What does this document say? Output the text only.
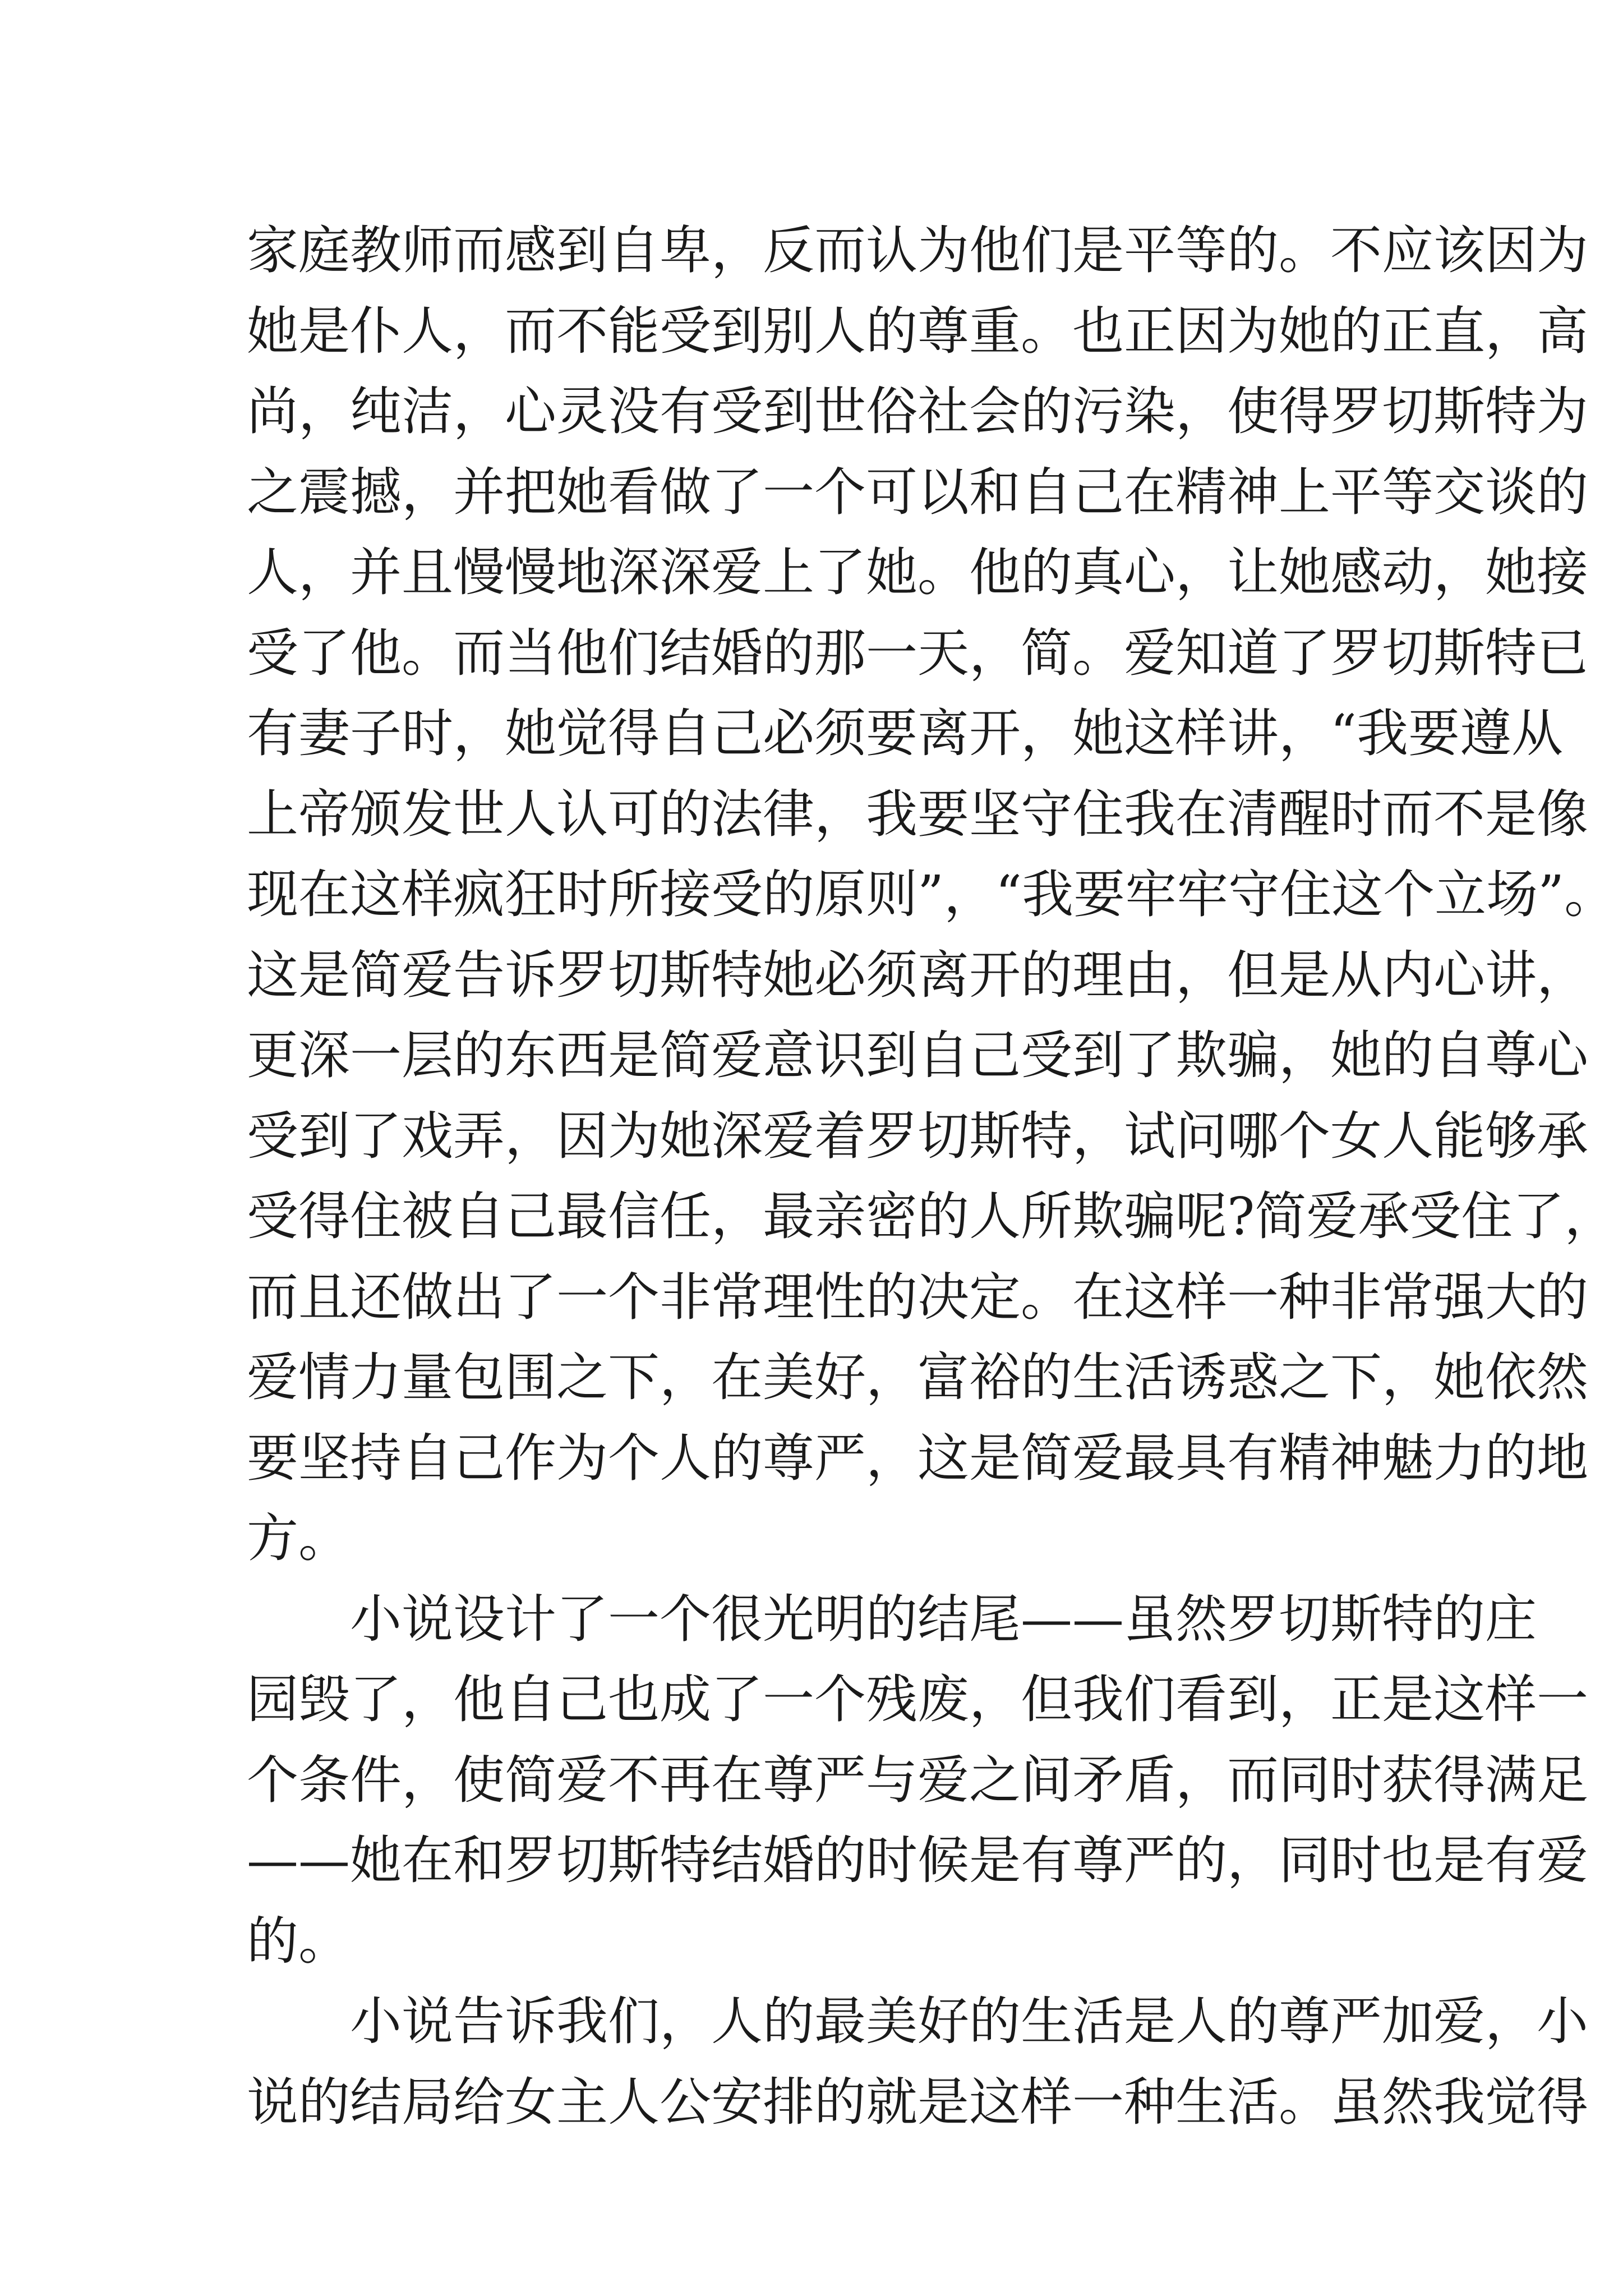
家庭教师而感到自卑，反而认为他们是平等的。不应该因为
她是仆人，而不能受到别人的尊重。也正因为她的正直，高
尚，纯洁，心灵没有受到世俗社会的污染，使得罗切斯特为
之震撼，并把她看做了一个可以和自己在精神上平等交谈的
人，并且慢慢地深深爱上了她。他的真心，让她感动，她接
受了他。而当他们结婚的那一天，简。爱知道了罗切斯特已
有妻子时，她觉得自己必须要离开，她这样讲，“我要遵从
上帝颁发世人认可的法律，我要坚守住我在清醒时而不是像
现在这样疯狂时所接受的原则”，“我要牢牢守住这个立场”。
这是简爱告诉罗切斯特她必须离开的理由，但是从内心讲，
更深一层的东西是简爱意识到自己受到了欺骗，她的自尊心
受到了戏弄，因为她深爱着罗切斯特，试问哪个女人能够承
受得住被自己最信任，最亲密的人所欺骗呢?简爱承受住了，
而且还做出了一个非常理性的决定。在这样一种非常强大的
爱情力量包围之下，在美好，富裕的生活诱惑之下，她依然
要坚持自己作为个人的尊严，这是简爱最具有精神魅力的地
方。
小说设计了一个很光明的结尾——虽然罗切斯特的庄
园毁了，他自己也成了一个残废，但我们看到，正是这样一
个条件，使简爱不再在尊严与爱之间矛盾，而同时获得满足
——她在和罗切斯特结婚的时候是有尊严的，同时也是有爱
的。
小说告诉我们，人的最美好的生活是人的尊严加爱，小
说的结局给女主人公安排的就是这样一种生活。虽然我觉得
